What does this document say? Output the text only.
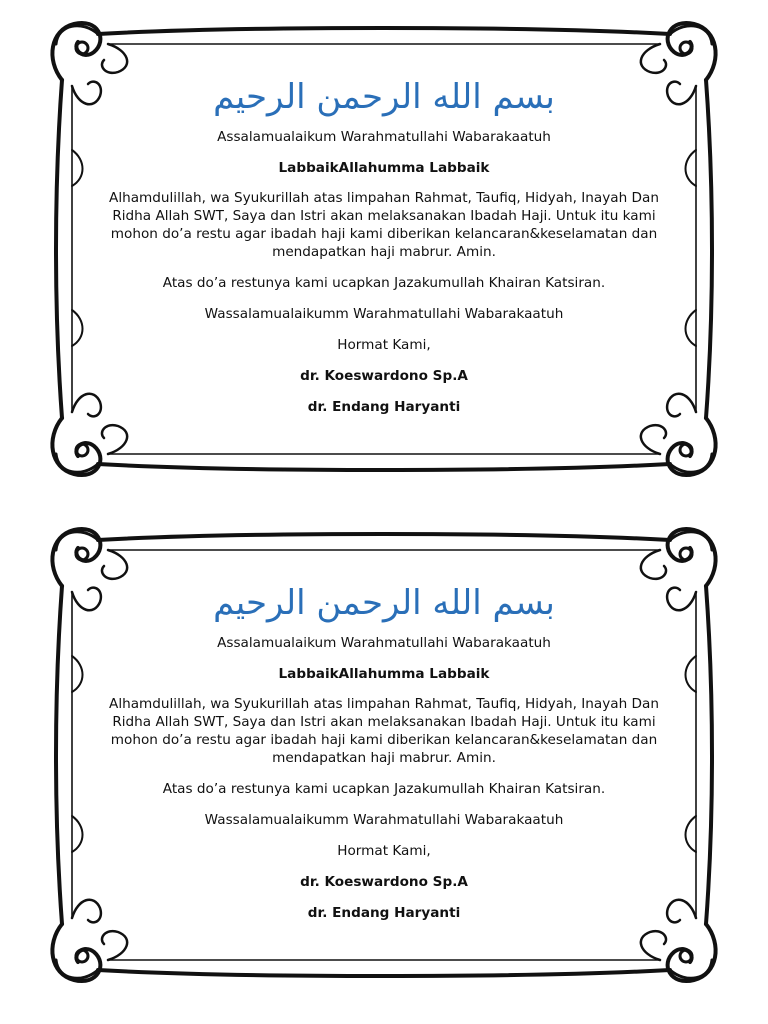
بسم الله الرحمن الرحيم

Assalamualaikum Warahmatullahi Wabarakaatuh

LabbaikAllahumma Labbaik

Alhamdulillah, wa Syukurillah atas limpahan Rahmat, Taufiq, Hidyah, Inayah Dan

Ridha Allah SWT, Saya dan Istri akan melaksanakan Ibadah Haji. Untuk itu kami

mohon do’a restu agar ibadah haji kami diberikan kelancaran&keselamatan dan

mendapatkan haji mabrur. Amin.

Atas do’a restunya kami ucapkan Jazakumullah Khairan Katsiran.

Wassalamualaikumm Warahmatullahi Wabarakaatuh

Hormat Kami,

dr. Koeswardono Sp.A

dr. Endang Haryanti

بسم الله الرحمن الرحيم

Assalamualaikum Warahmatullahi Wabarakaatuh

LabbaikAllahumma Labbaik

Alhamdulillah, wa Syukurillah atas limpahan Rahmat, Taufiq, Hidyah, Inayah Dan

Ridha Allah SWT, Saya dan Istri akan melaksanakan Ibadah Haji. Untuk itu kami

mohon do’a restu agar ibadah haji kami diberikan kelancaran&keselamatan dan

mendapatkan haji mabrur. Amin.

Atas do’a restunya kami ucapkan Jazakumullah Khairan Katsiran.

Wassalamualaikumm Warahmatullahi Wabarakaatuh

Hormat Kami,

dr. Koeswardono Sp.A

dr. Endang Haryanti
